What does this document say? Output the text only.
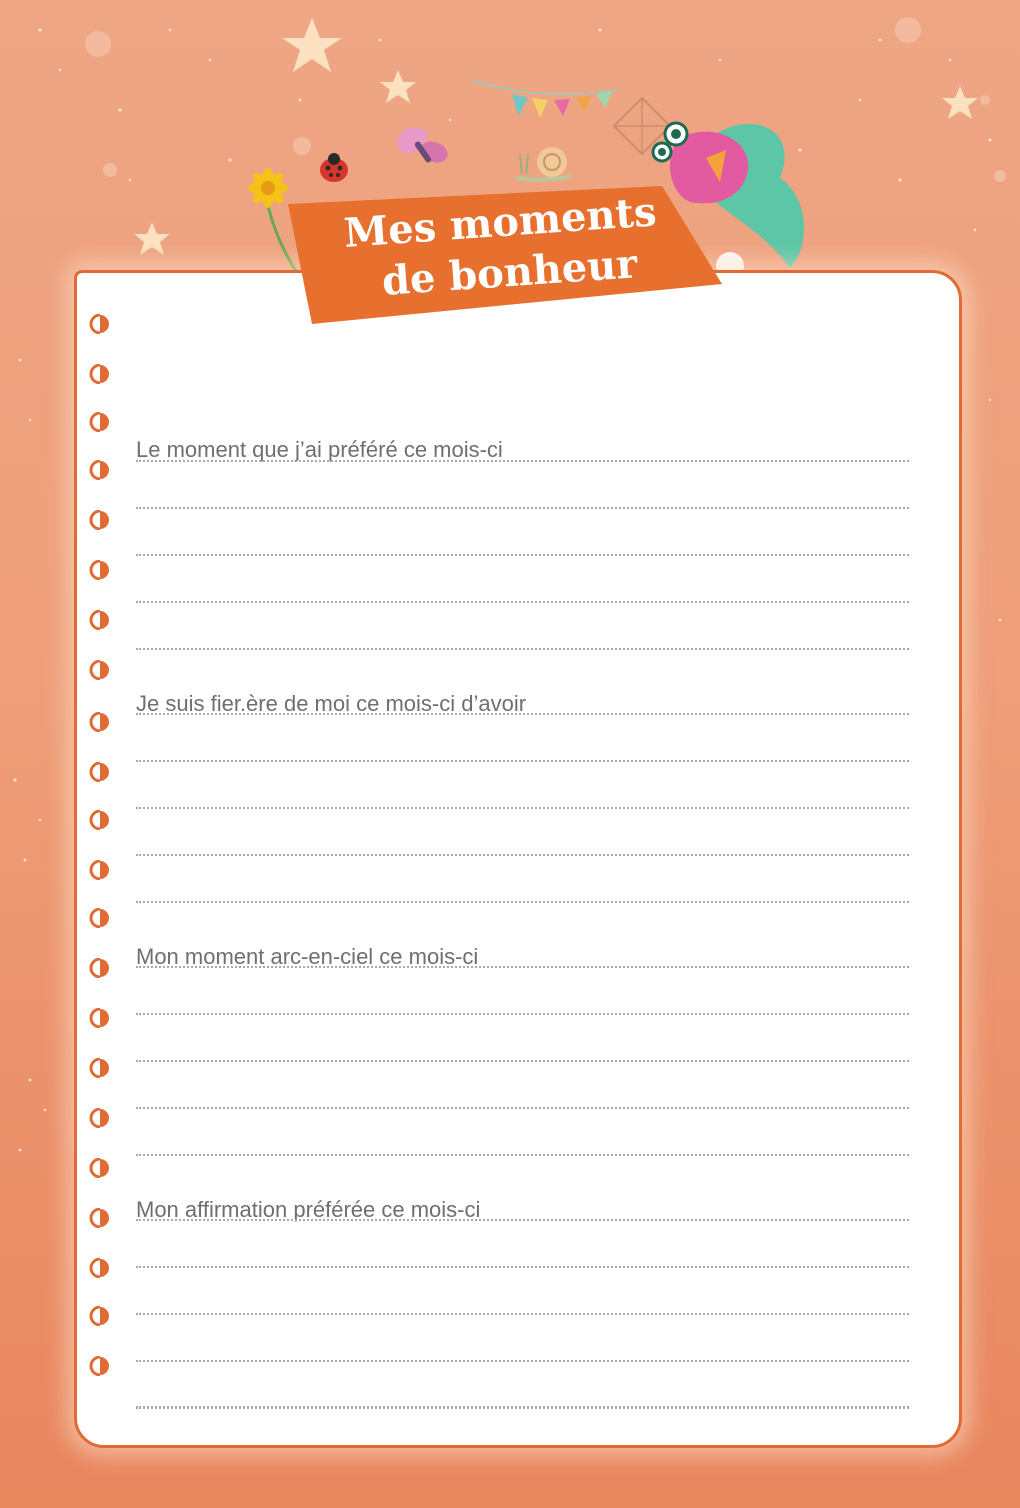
Mes moments
de bonheur
Le moment que j’ai préféré ce mois-ci
Je suis fier.ère de moi ce mois-ci d’avoir
Mon moment arc-en-ciel ce mois-ci
Mon affirmation préférée ce mois-ci
